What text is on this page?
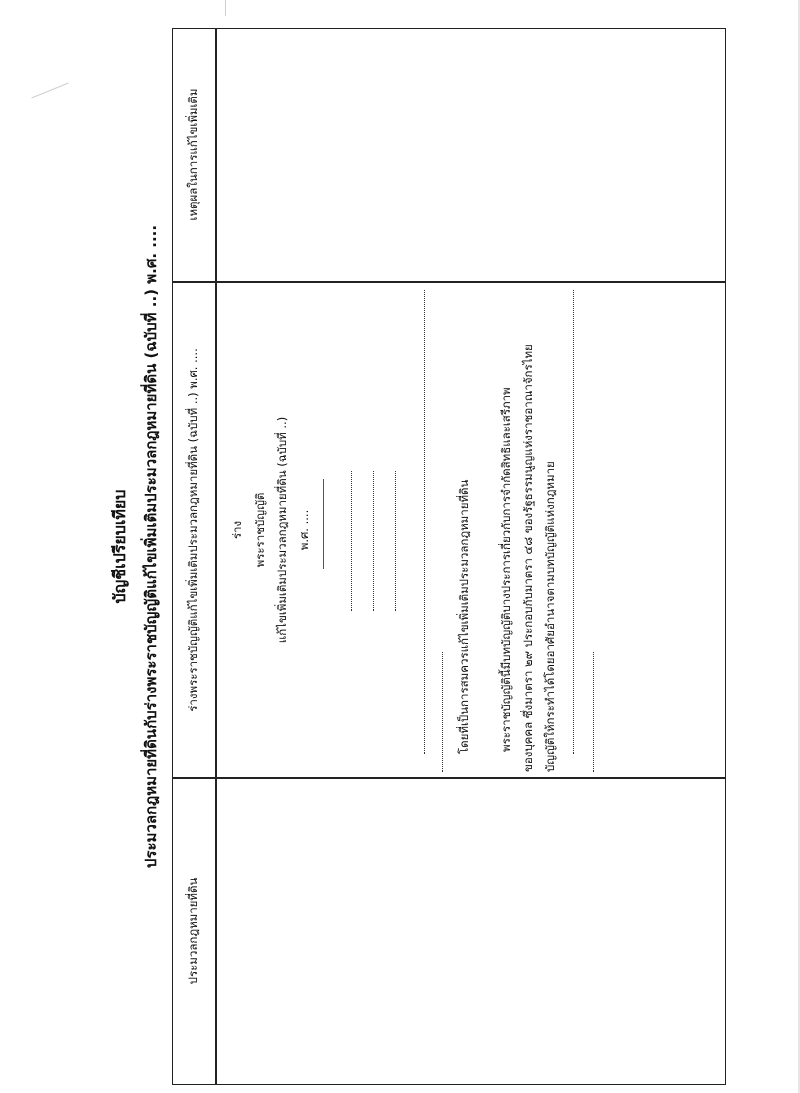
บัญชีเปรียบเทียบ ประมวลกฎหมายที่ดินกับร่างพระราชบัญญัติแก้ไขเพิ่มเติมประมวลกฎหมายที่ดิน (ฉบับที่ ..) พ.ศ. ....
ประมวลกฎหมายที่ดิน
ร่างพระราชบัญญัติแก้ไขเพิ่มเติมประมวลกฎหมายที่ดิน (ฉบับที่ ..) พ.ศ. ....
เหตุผลในการแก้ไขเพิ่มเติม
ร่าง พระราชบัญญัติ แก้ไขเพิ่มเติมประมวลกฎหมายที่ดิน (ฉบับที่ ..) พ.ศ. ....	โดยที่เป็นการสมควรแก้ไขเพิ่มเติมประมวลกฎหมายที่ดิน พระราชบัญญัตินี้มีบทบัญญัติบางประการเกี่ยวกับการจำกัดสิทธิและเสรีภาพ ของบุคคล ซึ่งมาตรา ๒๙ ประกอบกับมาตรา ๔๘ ของรัฐธรรมนูญแห่งราชอาณาจักรไทย บัญญัติให้กระทำได้โดยอาศัยอำนาจตามบทบัญญัติแห่งกฎหมาย
